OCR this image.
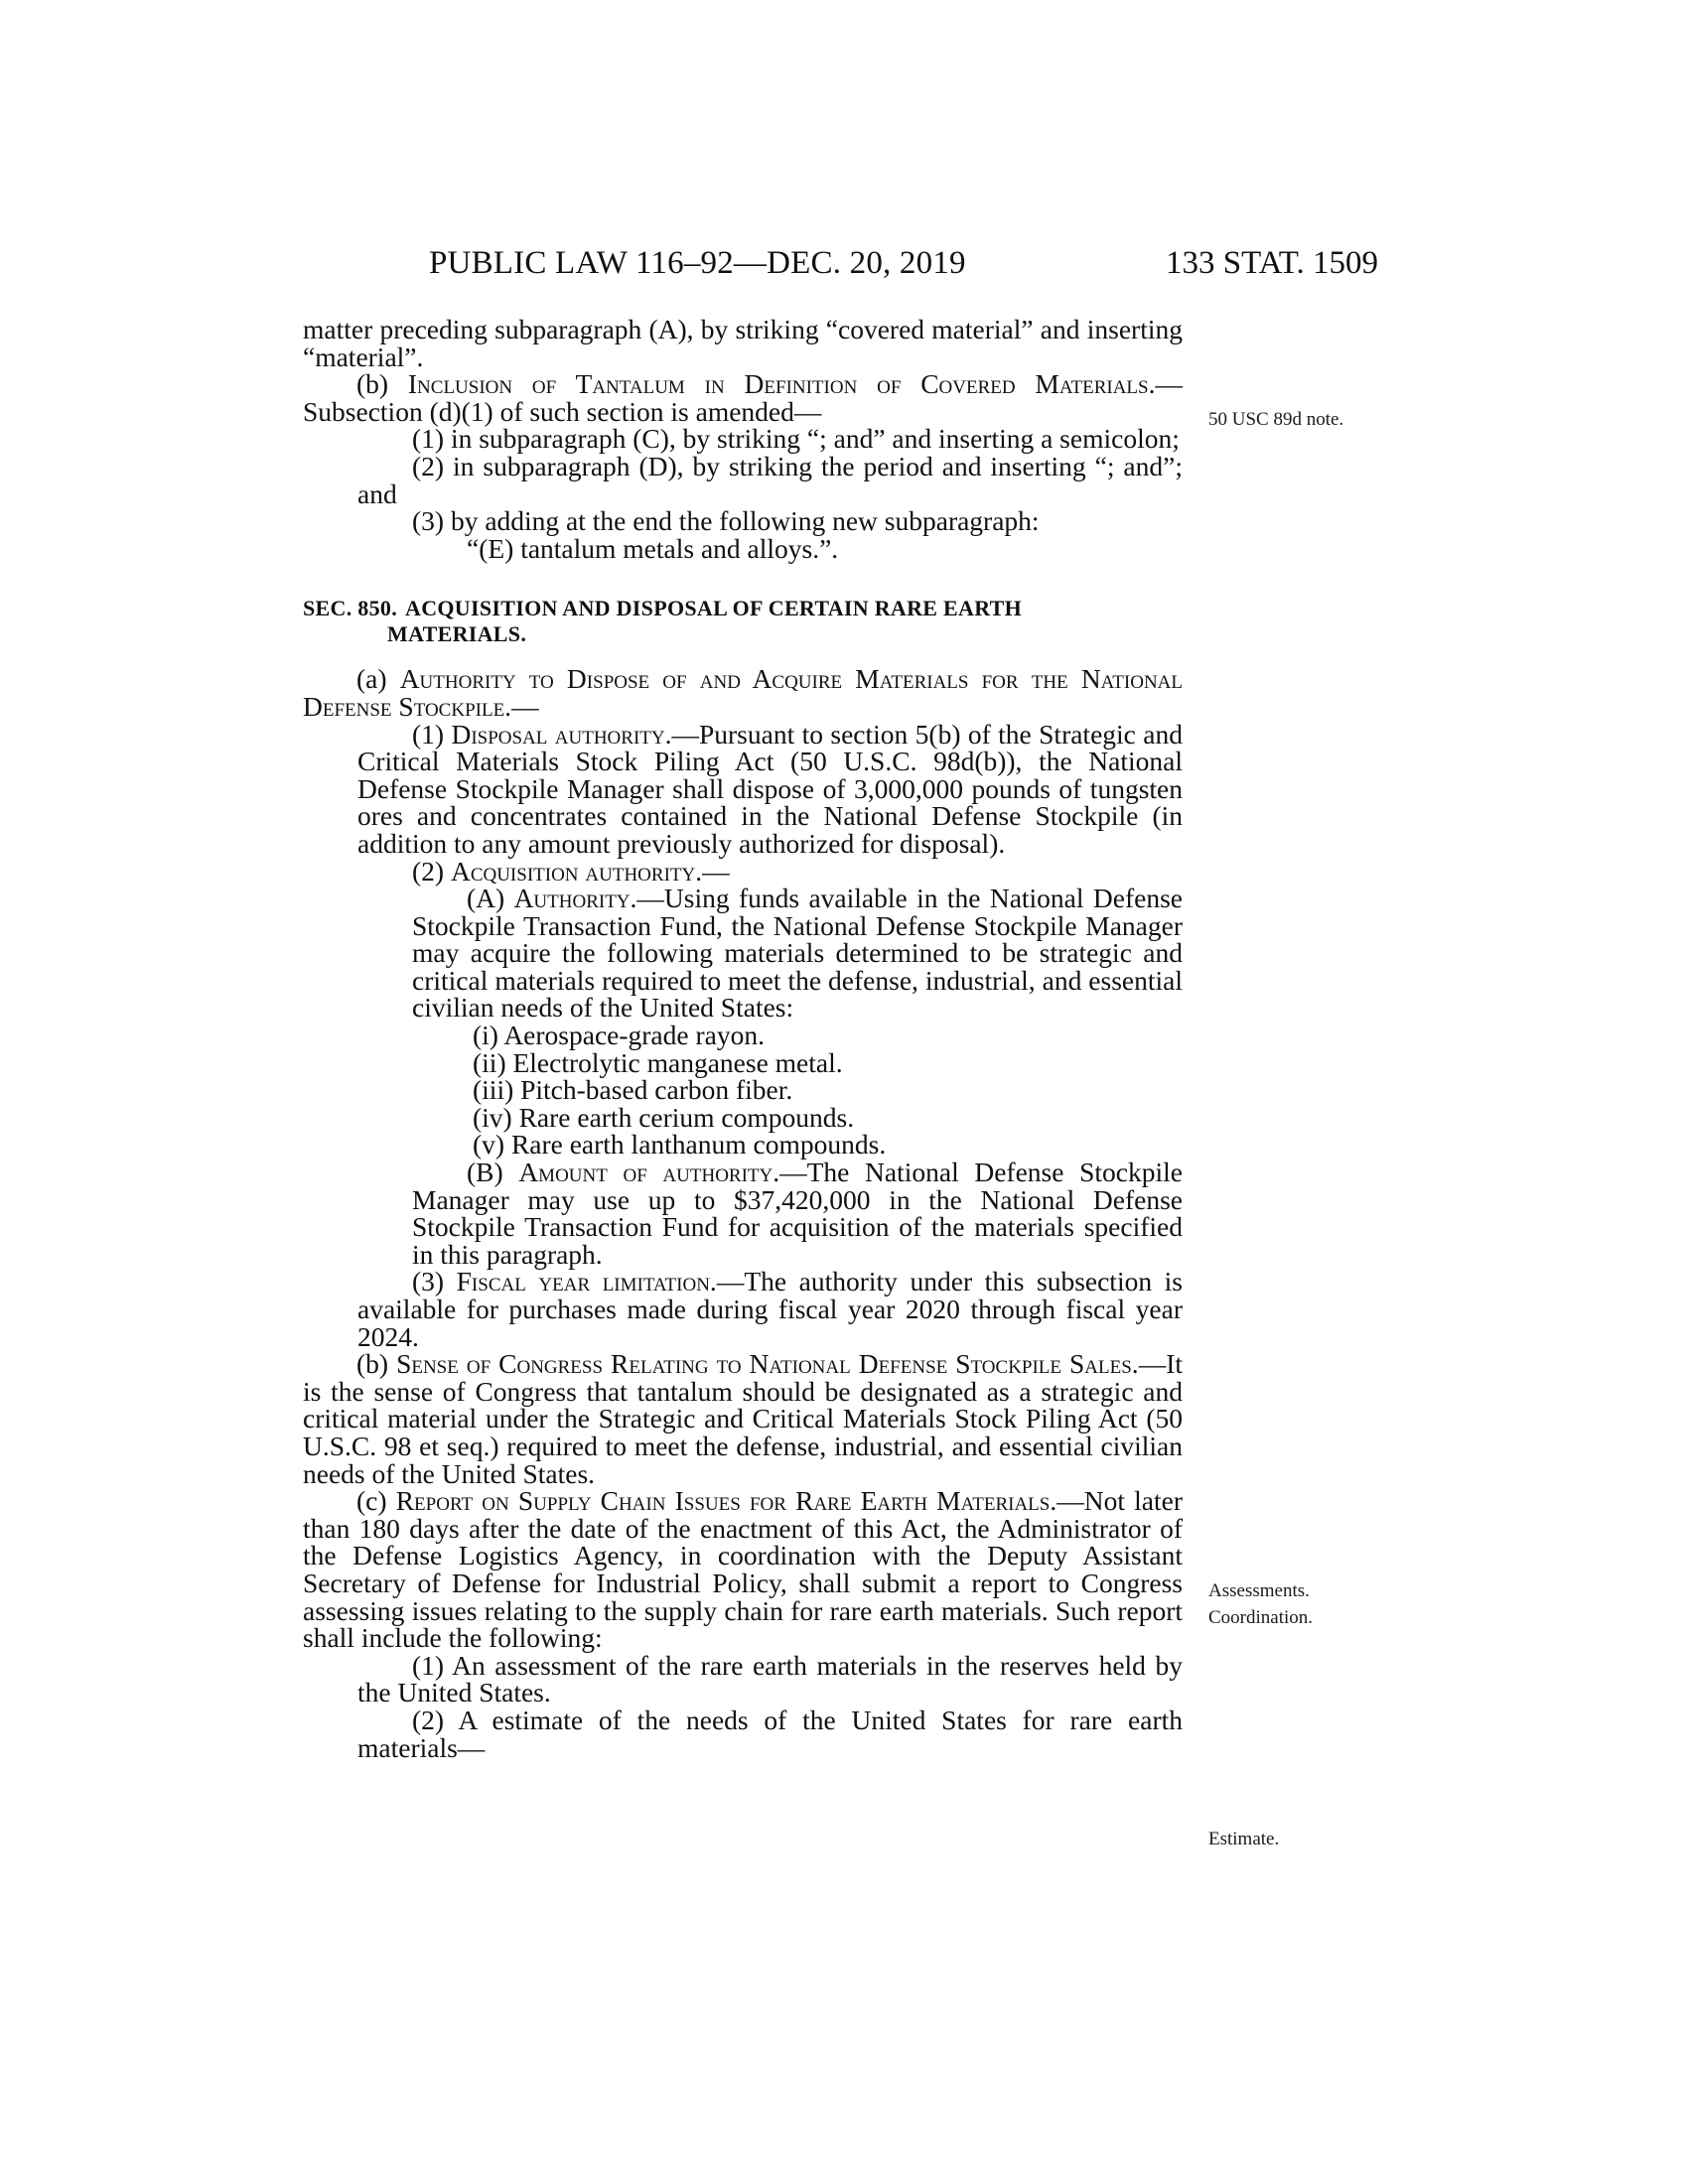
PUBLIC LAW 116–92—DEC. 20, 2019	133 STAT. 1509

matter preceding subparagraph (A), by striking “covered material” and inserting “material”.

(b) Inclusion of Tantalum in Definition of Covered Materials.—Subsection (d)(1) of such section is amended—

(1) in subparagraph (C), by striking “; and” and inserting a semicolon;

(2) in subparagraph (D), by striking the period and inserting “; and”; and

(3) by adding at the end the following new subparagraph:

“(E) tantalum metals and alloys.”.

SEC. 850. ACQUISITION AND DISPOSAL OF CERTAIN RARE EARTH
MATERIALS.

(a) Authority to Dispose of and Acquire Materials for the National Defense Stockpile.—

(1) Disposal authority.—Pursuant to section 5(b) of the Strategic and Critical Materials Stock Piling Act (50 U.S.C. 98d(b)), the National Defense Stockpile Manager shall dispose of 3,000,000 pounds of tungsten ores and concentrates contained in the National Defense Stockpile (in addition to any amount previously authorized for disposal).

(2) Acquisition authority.—

(A) Authority.—Using funds available in the National Defense Stockpile Transaction Fund, the National Defense Stockpile Manager may acquire the following materials determined to be strategic and critical materials required to meet the defense, industrial, and essential civilian needs of the United States:

(i) Aerospace-grade rayon.

(ii) Electrolytic manganese metal.

(iii) Pitch-based carbon fiber.

(iv) Rare earth cerium compounds.

(v) Rare earth lanthanum compounds.

(B) Amount of authority.—The National Defense Stockpile Manager may use up to $37,420,000 in the National Defense Stockpile Transaction Fund for acquisition of the materials specified in this paragraph.

(3) Fiscal year limitation.—The authority under this subsection is available for purchases made during fiscal year 2020 through fiscal year 2024.

(b) Sense of Congress Relating to National Defense Stockpile Sales.—It is the sense of Congress that tantalum should be designated as a strategic and critical material under the Strategic and Critical Materials Stock Piling Act (50 U.S.C. 98 et seq.) required to meet the defense, industrial, and essential civilian needs of the United States.

(c) Report on Supply Chain Issues for Rare Earth Materials.—Not later than 180 days after the date of the enactment of this Act, the Administrator of the Defense Logistics Agency, in coordination with the Deputy Assistant Secretary of Defense for Industrial Policy, shall submit a report to Congress assessing issues relating to the supply chain for rare earth materials. Such report shall include the following:

(1) An assessment of the rare earth materials in the reserves held by the United States.

(2) A estimate of the needs of the United States for rare earth materials—

50 USC 89d note.
Assessments.
Coordination.
Estimate.
